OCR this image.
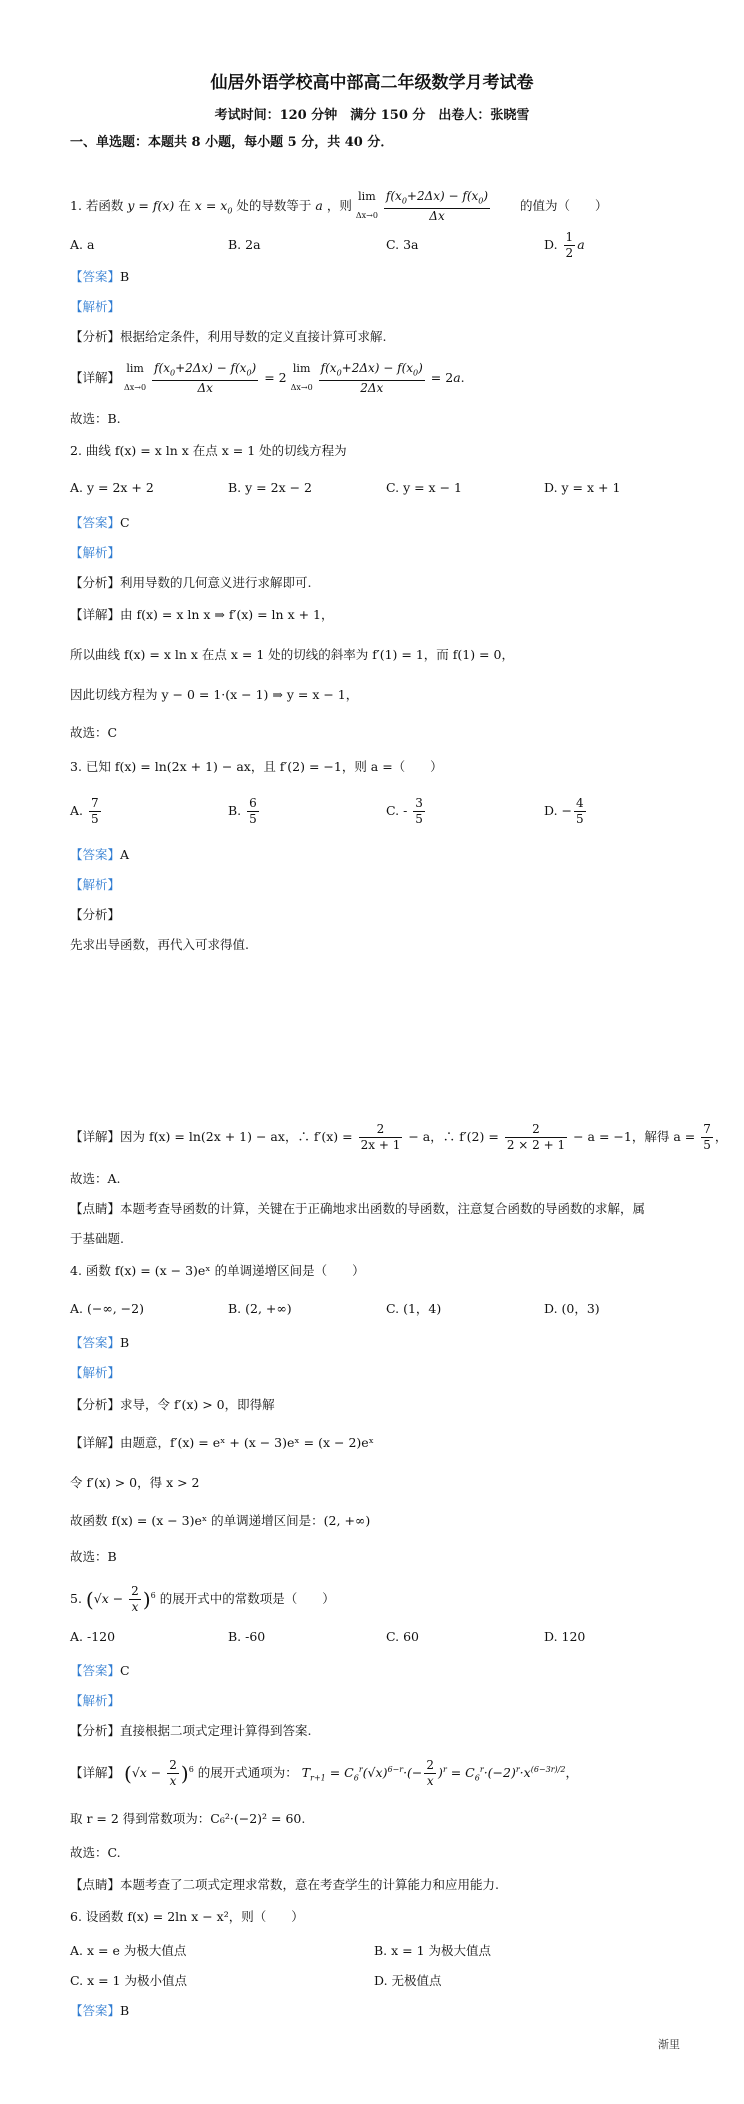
仙居外语学校高中部高二年级数学月考试卷
考试时间：120 分钟　满分 150 分　出卷人：张晓雪
一、单选题：本题共 8 小题，每小题 5 分，共 40 分．
1. 若函数 y = f(x) 在 $x = x_0$ 处的导数等于 a ，则 lim
$\Delta x\to 0 \frac{f(x_0+2\Delta x) - f(x_0)}{\Delta x}$ 的值为（　　）
A. a	B. 2a	C. 3a	D. $\frac{1}{2}$ a
【答案】B
【解析】
【分析】根据给定条件，利用导数的定义直接计算可求解.
【详解】 lim
$\Delta x\to 0 \frac{f(x_0+2\Delta x) - f(x_0)}{\Delta x} = 2$ lim
$\Delta x\to 0 \frac{f(x_0+2\Delta x) - f(x_0)}{2\Delta x} = 2a$.
故选：B.
2. 曲线 f(x) = x ln x 在点 x = 1 处的切线方程为
A. y = 2x + 2	B. y = 2x − 2	C. y = x − 1	D. y = x + 1
【答案】C
【解析】
【分析】利用导数的几何意义进行求解即可.
【详解】由 f(x) = x ln x ⇒ f′(x) = ln x + 1，
所以曲线 f(x) = x ln x 在点 x = 1 处的切线的斜率为 f′(1) = 1，而 f(1) = 0，
因此切线方程为 y − 0 = 1·(x − 1) ⇒ y = x − 1，
故选：C
3. 已知 f(x) = ln(2x + 1) − ax，且 f′(2) = −1，则 a =（　　）
A. $\frac{7}{5}$	B. $\frac{6}{5}$	C. - $\frac{3}{5}$	D. − $\frac{4}{5}$
【答案】A
【解析】
【分析】
先求出导函数，再代入可求得值.
【详解】因为 f(x) = ln(2x + 1) − ax，∴ $f'(x) = \frac{2}{2x + 1} - a$，∴ $f'(2) = \frac{2}{2 \times 2 + 1} - a = -1$，解得 $a = \frac{7}{5}$ ，
故选：A.
【点睛】本题考查导函数的计算，关键在于正确地求出函数的导函数，注意复合函数的导函数的求解，属
于基础题.
4. 函数 f(x) = (x − 3)eˣ 的单调递增区间是（　　）
A. (−∞, −2)	B. (2, +∞)	C. (1，4)	D. (0，3)
【答案】B
【解析】
【分析】求导，令 f′(x) > 0，即得解
【详解】由题意，f′(x) = eˣ + (x − 3)eˣ = (x − 2)eˣ
令 f′(x) > 0，得 x > 2
故函数 f(x) = (x − 3)eˣ 的单调递增区间是：(2, +∞)
故选：B
5. $(√x - \frac{2}{x} )^6$ 的展开式中的常数项是（　　）
A. -120	B. -60	C. 60	D. 120
【答案】C
【解析】
【分析】直接根据二项式定理计算得到答案.
【详解】 $(√x - \frac{2}{x} )^6$ 的展开式通项为： $T_{r+1} = C_6^r(√x)^{6-r}\cdot(- \frac{2}{x} )^r = C_6^r\cdot(-2)^r\cdot x^{(6-3r)/2}$，
取 r = 2 得到常数项为：C₆²·(−2)² = 60.
故选：C.
【点睛】本题考查了二项式定理求常数，意在考查学生的计算能力和应用能力.
6. 设函数 f(x) = 2ln x − x²，则（　　）
A. x = e 为极大值点	B. x = 1 为极大值点
C. x = 1 为极小值点	D. 无极值点
【答案】B
渐里
